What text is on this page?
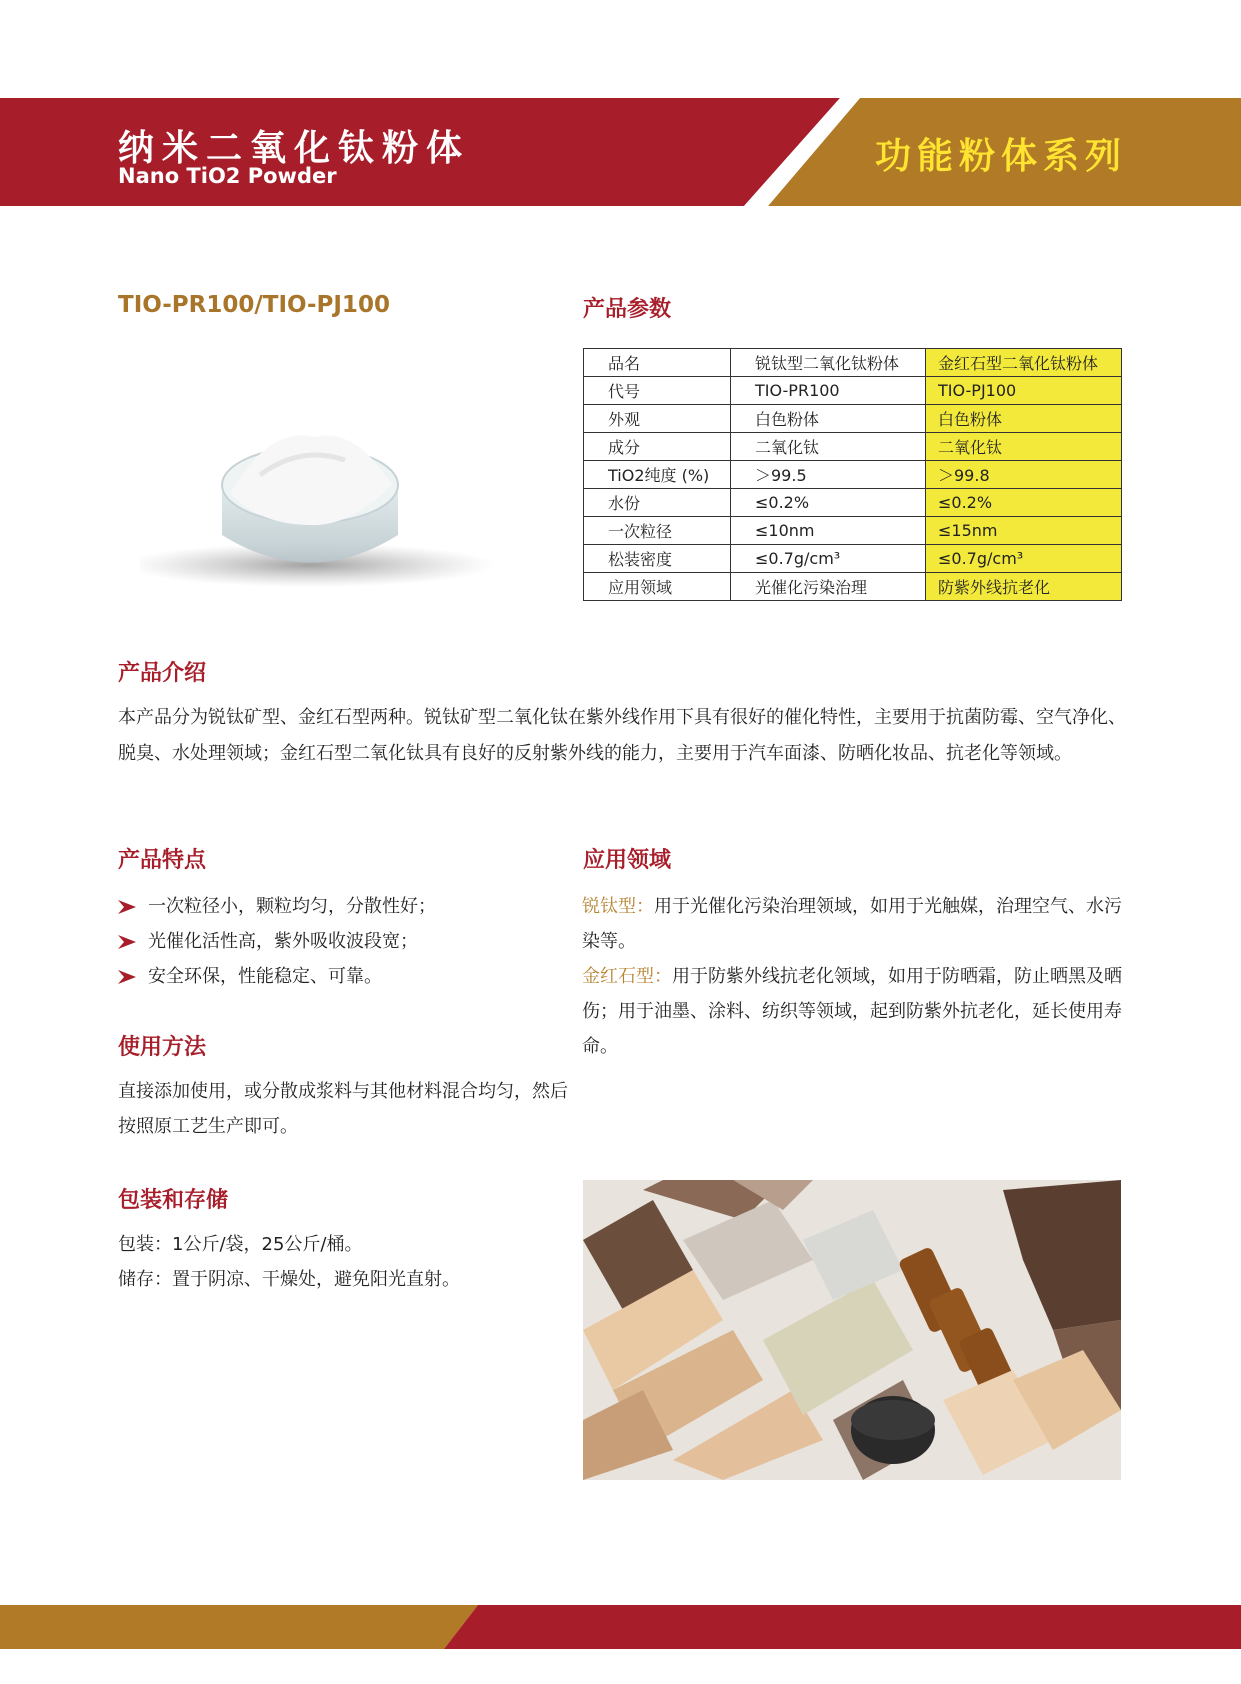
纳米二氧化钛粉体
Nano TiO2 Powder	功能粉体系列
TIO-PR100/TIO-PJ100	产品参数
品名	锐钛型二氧化钛粉体	金红石型二氧化钛粉体
代号	TIO-PR100	TIO-PJ100
外观	白色粉体	白色粉体
成分	二氧化钛	二氧化钛
TiO2纯度 (%)	＞99.5	＞99.8
水份	≤0.2%	≤0.2%
一次粒径	≤10nm	≤15nm
松装密度	≤0.7g/cm³	≤0.7g/cm³
应用领域	光催化污染治理	防紫外线抗老化
产品介绍
本产品分为锐钛矿型、金红石型两种。锐钛矿型二氧化钛在紫外线作用下具有很好的催化特性，主要用于抗菌防霉、空气净化、脱臭、水处理领域；金红石型二氧化钛具有良好的反射紫外线的能力，主要用于汽车面漆、防晒化妆品、抗老化等领域。
产品特点
一次粒径小，颗粒均匀，分散性好；
光催化活性高，紫外吸收波段宽；
安全环保，性能稳定、可靠。
应用领域
锐钛型：用于光催化污染治理领域，如用于光触媒，治理空气、水污染等。
金红石型：用于防紫外线抗老化领域，如用于防晒霜，防止晒黑及晒伤；用于油墨、涂料、纺织等领域，起到防紫外抗老化，延长使用寿命。
使用方法
直接添加使用，或分散成浆料与其他材料混合均匀，然后按照原工艺生产即可。
包装和存储
包装：1公斤/袋，25公斤/桶。
储存：置于阴凉、干燥处，避免阳光直射。
